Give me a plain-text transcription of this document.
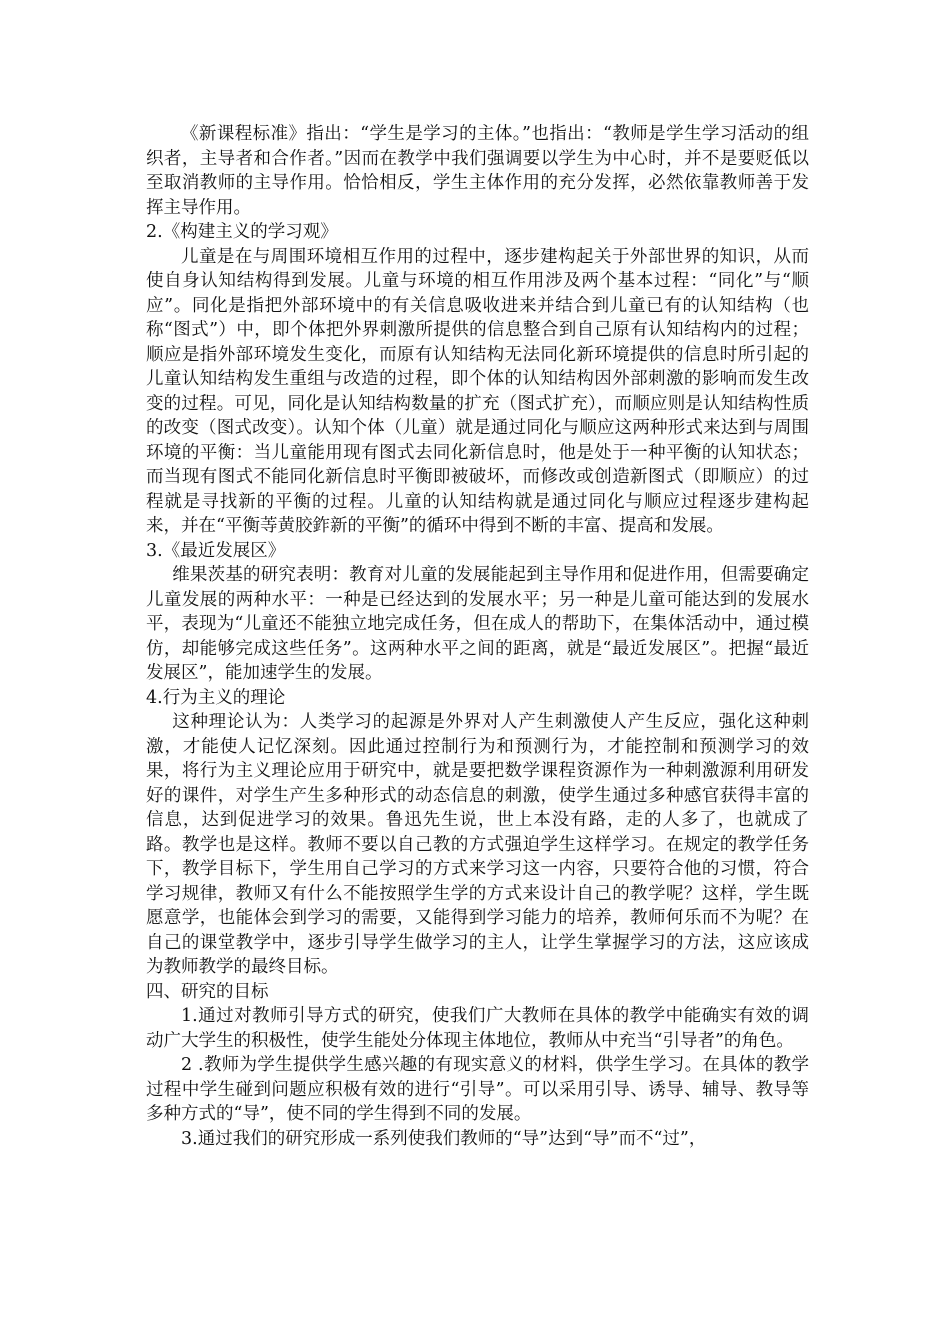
《新课程标准》指出：“学生是学习的主体。”也指出：“教师是学生学习活动的组织者，主导者和合作者。”因而在教学中我们强调要以学生为中心时，并不是要贬低以至取消教师的主导作用。恰恰相反，学生主体作用的充分发挥，必然依靠教师善于发挥主导作用。

2.《构建主义的学习观》

儿童是在与周围环境相互作用的过程中，逐步建构起关于外部世界的知识，从而使自身认知结构得到发展。儿童与环境的相互作用涉及两个基本过程：“同化”与“顺应”。同化是指把外部环境中的有关信息吸收进来并结合到儿童已有的认知结构（也称“图式”）中，即个体把外界刺激所提供的信息整合到自己原有认知结构内的过程；顺应是指外部环境发生变化，而原有认知结构无法同化新环境提供的信息时所引起的儿童认知结构发生重组与改造的过程，即个体的认知结构因外部刺激的影响而发生改变的过程。可见，同化是认知结构数量的扩充（图式扩充），而顺应则是认知结构性质的改变（图式改变）。认知个体（儿童）就是通过同化与顺应这两种形式来达到与周围环境的平衡：当儿童能用现有图式去同化新信息时，他是处于一种平衡的认知状态；而当现有图式不能同化新信息时平衡即被破坏，而修改或创造新图式（即顺应）的过程就是寻找新的平衡的过程。儿童的认知结构就是通过同化与顺应过程逐步建构起来，并在“平衡䓁黄胶鈼新的平衡”的循环中得到不断的丰富、提高和发展。

3.《最近发展区》

维果茨基的研究表明：教育对儿童的发展能起到主导作用和促进作用，但需要确定儿童发展的两种水平：一种是已经达到的发展水平；另一种是儿童可能达到的发展水平，表现为“儿童还不能独立地完成任务，但在成人的帮助下，在集体活动中，通过模仿，却能够完成这些任务”。这两种水平之间的距离，就是“最近发展区”。把握“最近发展区”，能加速学生的发展。

4.行为主义的理论

这种理论认为：人类学习的起源是外界对人产生刺激使人产生反应，强化这种刺激，才能使人记忆深刻。因此通过控制行为和预测行为，才能控制和预测学习的效果，将行为主义理论应用于研究中，就是要把数学课程资源作为一种刺激源利用研发好的课件，对学生产生多种形式的动态信息的刺激，使学生通过多种感官获得丰富的信息，达到促进学习的效果。鲁迅先生说，世上本没有路，走的人多了，也就成了路。教学也是这样。教师不要以自己教的方式强迫学生这样学习。在规定的教学任务下，教学目标下，学生用自己学习的方式来学习这一内容，只要符合他的习惯，符合学习规律，教师又有什么不能按照学生学的方式来设计自己的教学呢？这样，学生既愿意学，也能体会到学习的需要，又能得到学习能力的培养，教师何乐而不为呢？在自己的课堂教学中，逐步引导学生做学习的主人，让学生掌握学习的方法，这应该成为教师教学的最终目标。

四、研究的目标

1.通过对教师引导方式的研究，使我们广大教师在具体的教学中能确实有效的调动广大学生的积极性，使学生能处分体现主体地位，教师从中充当“引导者”的角色。

2 .教师为学生提供学生感兴趣的有现实意义的材料，供学生学习。在具体的教学过程中学生碰到问题应积极有效的进行“引导”。可以采用引导、诱导、辅导、教导等多种方式的“导”，使不同的学生得到不同的发展。

3.通过我们的研究形成一系列使我们教师的“导”达到“导”而不“过”，
